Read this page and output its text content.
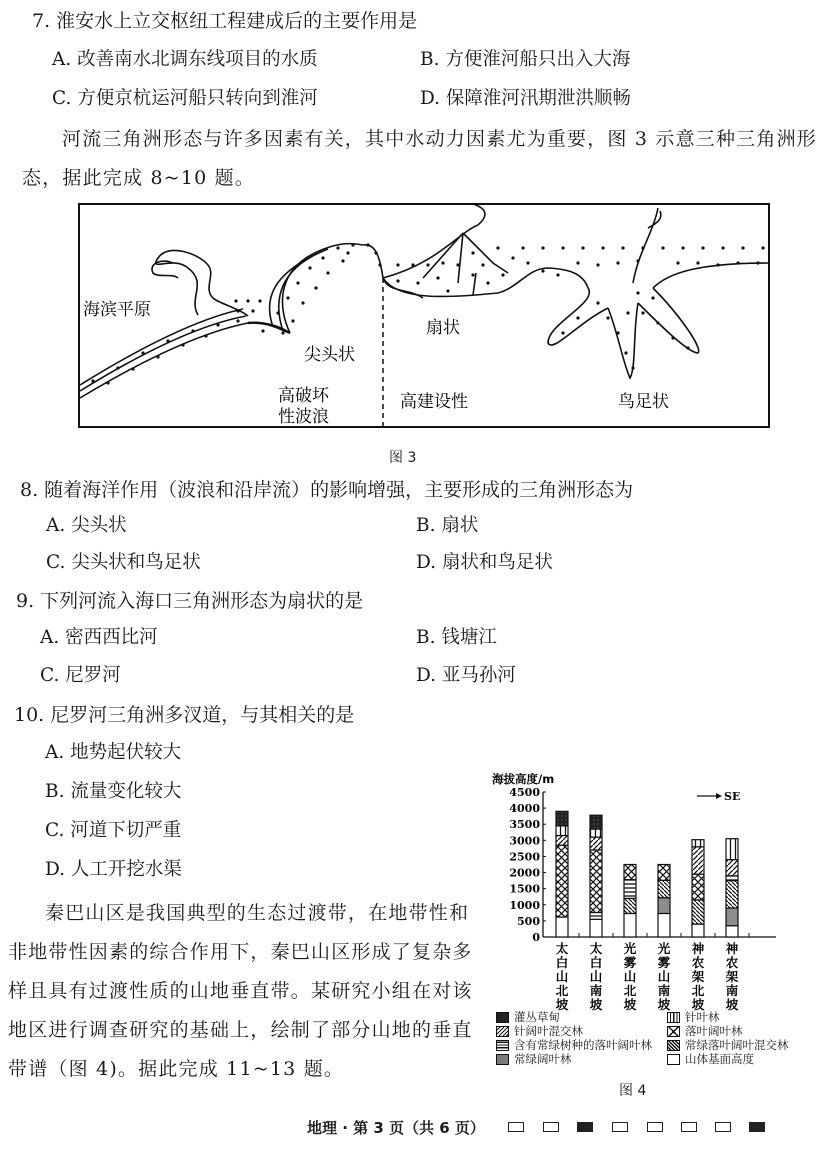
7. 淮安水上立交枢纽工程建成后的主要作用是
A. 改善南水北调东线项目的水质	B. 方便淮河船只出入大海
C. 方便京杭运河船只转向到淮河	D. 保障淮河汛期泄洪顺畅
河流三角洲形态与许多因素有关，其中水动力因素尤为重要，图 3 示意三种三角洲形
态，据此完成 8~10 题。
海滨平原
尖头状
扇状
鸟足状
高破坏
性波浪
高建设性
图 3
8. 随着海洋作用（波浪和沿岸流）的影响增强，主要形成的三角洲形态为
A. 尖头状	B. 扇状
C. 尖头状和鸟足状	D. 扇状和鸟足状
9. 下列河流入海口三角洲形态为扇状的是
A. 密西西比河	B. 钱塘江
C. 尼罗河	D. 亚马孙河
10. 尼罗河三角洲多汊道，与其相关的是
A. 地势起伏较大
B. 流量变化较大
C. 河道下切严重
D. 人工开挖水渠
秦巴山区是我国典型的生态过渡带，在地带性和
非地带性因素的综合作用下，秦巴山区形成了复杂多
样且具有过渡性质的山地垂直带。某研究小组在对该
地区进行调查研究的基础上，绘制了部分山地的垂直
带谱（图 4)。据此完成 11~13 题。
海拔高度/m
0
500
1000
1500
2000
2500
3000
3500
4000
4500
太
白
山
北
坡
太
白
山
南
坡
光
雾
山
北
坡
光
雾
山
南
坡
神
农
架
北
坡
神
农
架
南
坡
SE
灌丛草甸
针阔叶混交林
含有常绿树种的落叶阔叶林
常绿阔叶林
针叶林
落叶阔叶林
常绿落叶阔叶混交林
山体基面高度
图 4
地理 · 第 3 页（共 6 页）
